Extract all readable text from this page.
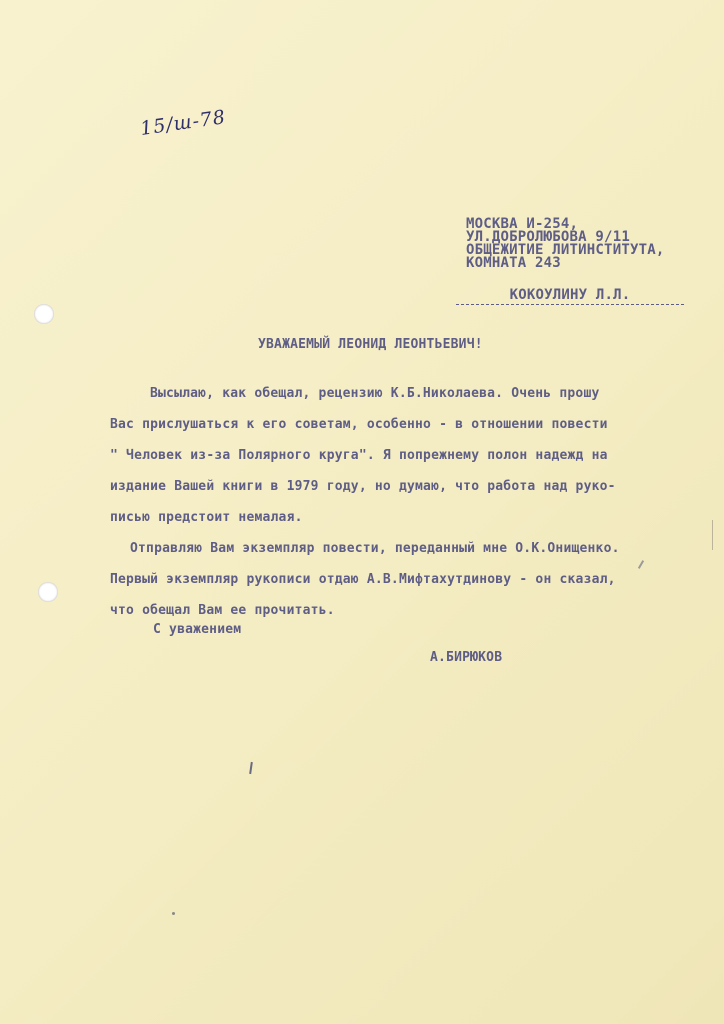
15/ш-78
МОСКВА И-254,
УЛ.ДОБРОЛЮБОВА 9/11
ОБЩЕЖИТИЕ ЛИТИНСТИТУТА,
КОМНАТА 243
КОКОУЛИНУ Л.Л.
УВАЖАЕМЫЙ ЛЕОНИД ЛЕОНТЬЕВИЧ!
Высылаю, как обещал, рецензию К.Б.Николаева. Очень прошу
Вас прислушаться к его советам, особенно - в отношении повести
" Человек из-за Полярного круга". Я попрежнему полон надежд на
издание Вашей книги в 1979 году, но думаю, что работа над руко-
писью предстоит немалая.
Отправляю Вам экземпляр повести, переданный мне О.К.Онищенко.
Первый экземпляр рукописи отдаю А.В.Мифтахутдинову - он сказал,
что обещал Вам ее прочитать.
С уважением
А.БИРЮКОВ
